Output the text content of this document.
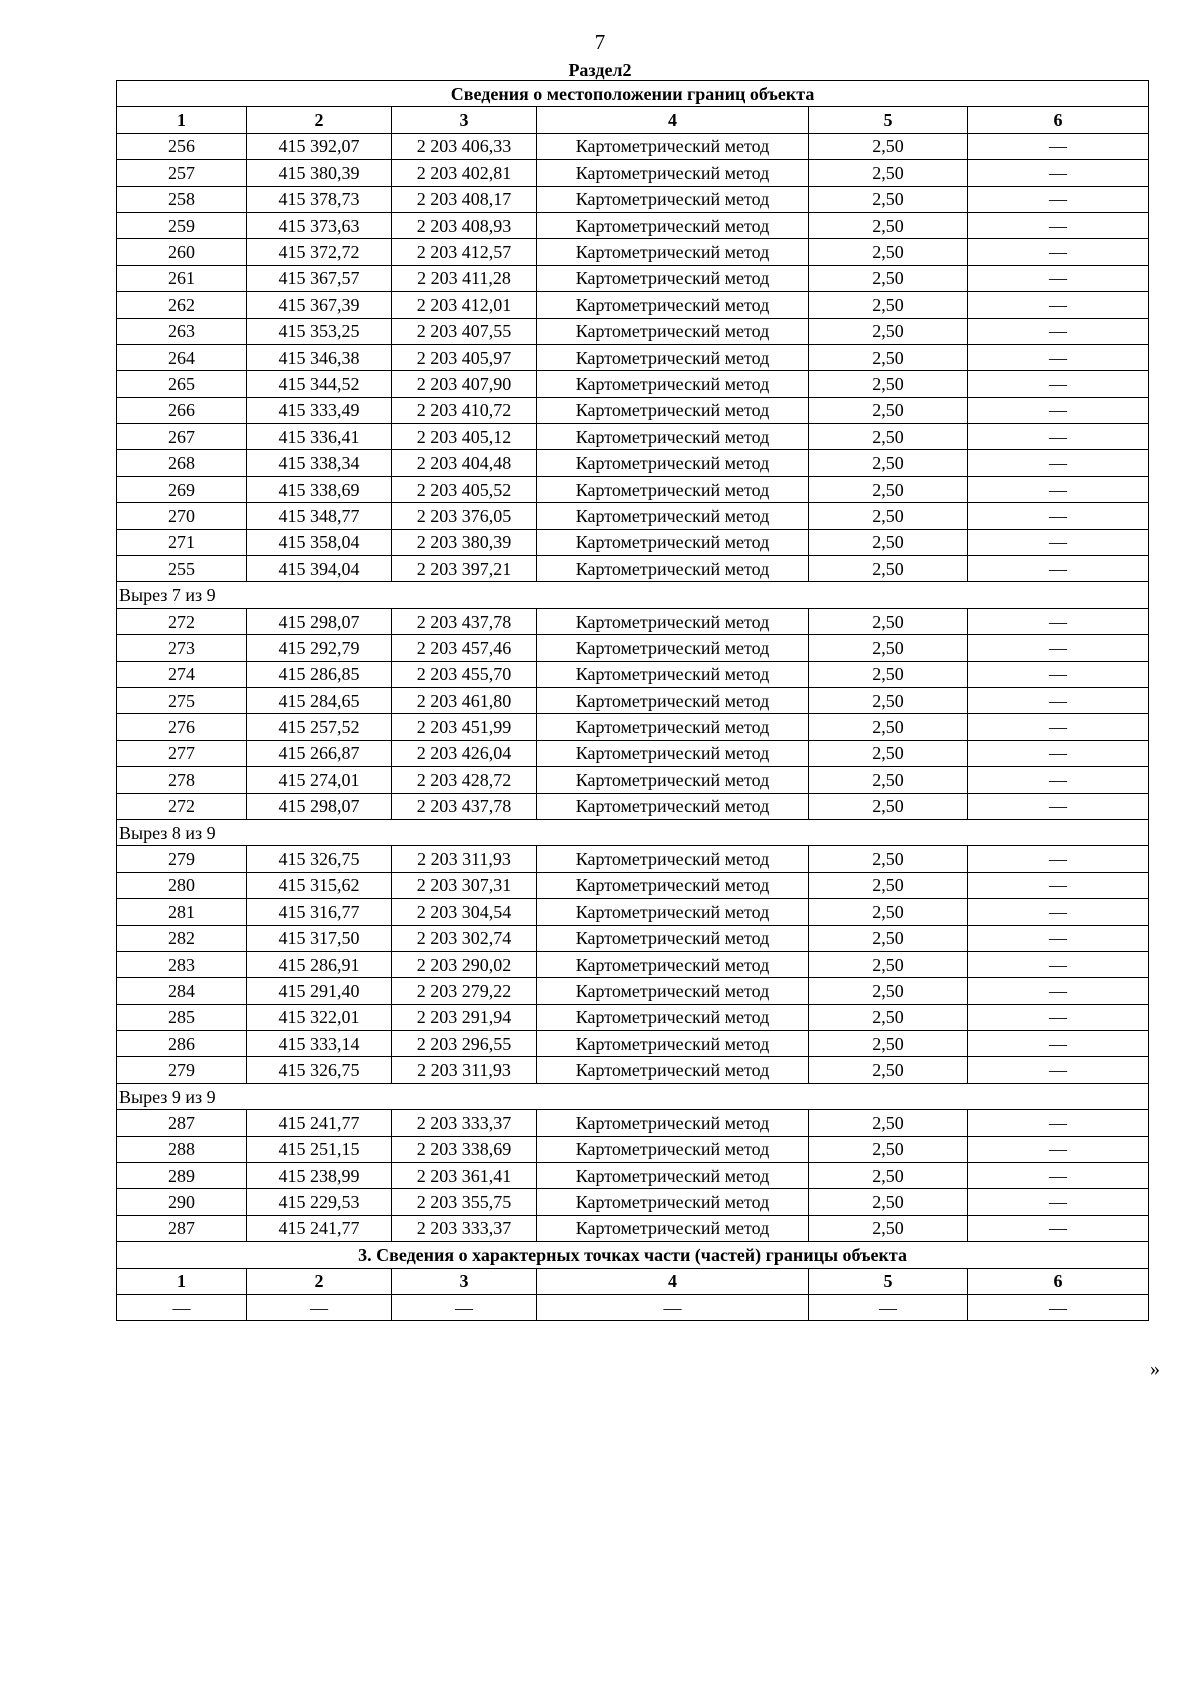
7
Раздел2
Сведения о местоположении границ объекта					
1	2	3	4	5	6
256	415 392,07	2 203 406,33	Картометрический метод	2,50	—
257	415 380,39	2 203 402,81	Картометрический метод	2,50	—
258	415 378,73	2 203 408,17	Картометрический метод	2,50	—
259	415 373,63	2 203 408,93	Картометрический метод	2,50	—
260	415 372,72	2 203 412,57	Картометрический метод	2,50	—
261	415 367,57	2 203 411,28	Картометрический метод	2,50	—
262	415 367,39	2 203 412,01	Картометрический метод	2,50	—
263	415 353,25	2 203 407,55	Картометрический метод	2,50	—
264	415 346,38	2 203 405,97	Картометрический метод	2,50	—
265	415 344,52	2 203 407,90	Картометрический метод	2,50	—
266	415 333,49	2 203 410,72	Картометрический метод	2,50	—
267	415 336,41	2 203 405,12	Картометрический метод	2,50	—
268	415 338,34	2 203 404,48	Картометрический метод	2,50	—
269	415 338,69	2 203 405,52	Картометрический метод	2,50	—
270	415 348,77	2 203 376,05	Картометрический метод	2,50	—
271	415 358,04	2 203 380,39	Картометрический метод	2,50	—
255	415 394,04	2 203 397,21	Картометрический метод	2,50	—
Вырез 7 из 9					
272	415 298,07	2 203 437,78	Картометрический метод	2,50	—
273	415 292,79	2 203 457,46	Картометрический метод	2,50	—
274	415 286,85	2 203 455,70	Картометрический метод	2,50	—
275	415 284,65	2 203 461,80	Картометрический метод	2,50	—
276	415 257,52	2 203 451,99	Картометрический метод	2,50	—
277	415 266,87	2 203 426,04	Картометрический метод	2,50	—
278	415 274,01	2 203 428,72	Картометрический метод	2,50	—
272	415 298,07	2 203 437,78	Картометрический метод	2,50	—
Вырез 8 из 9					
279	415 326,75	2 203 311,93	Картометрический метод	2,50	—
280	415 315,62	2 203 307,31	Картометрический метод	2,50	—
281	415 316,77	2 203 304,54	Картометрический метод	2,50	—
282	415 317,50	2 203 302,74	Картометрический метод	2,50	—
283	415 286,91	2 203 290,02	Картометрический метод	2,50	—
284	415 291,40	2 203 279,22	Картометрический метод	2,50	—
285	415 322,01	2 203 291,94	Картометрический метод	2,50	—
286	415 333,14	2 203 296,55	Картометрический метод	2,50	—
279	415 326,75	2 203 311,93	Картометрический метод	2,50	—
Вырез 9 из 9					
287	415 241,77	2 203 333,37	Картометрический метод	2,50	—
288	415 251,15	2 203 338,69	Картометрический метод	2,50	—
289	415 238,99	2 203 361,41	Картометрический метод	2,50	—
290	415 229,53	2 203 355,75	Картометрический метод	2,50	—
287	415 241,77	2 203 333,37	Картометрический метод	2,50	—
3. Сведения о характерных точках части (частей) границы объекта					
1	2	3	4	5	6
—	—	—	—	—	—
»
